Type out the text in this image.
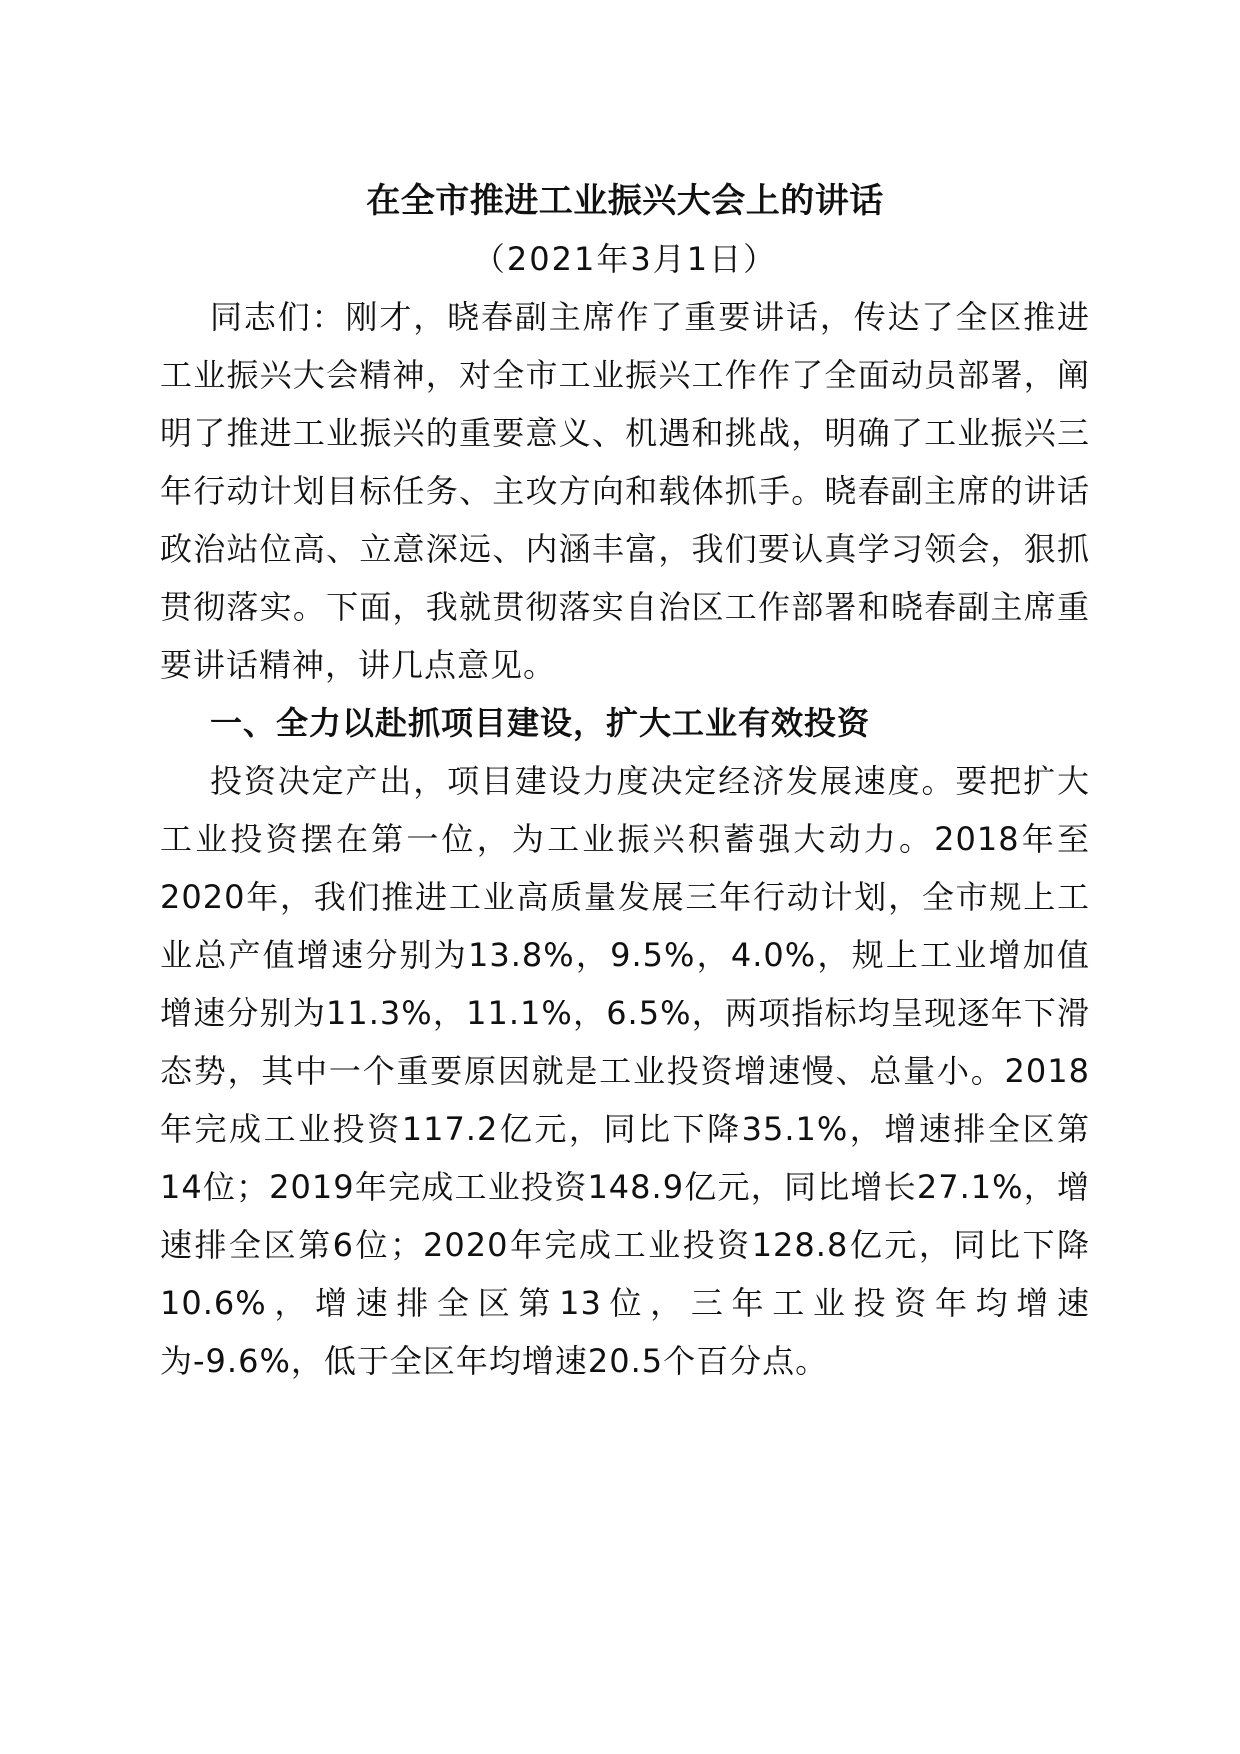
在全市推进工业振兴大会上的讲话

（2021年3月1日）

同志们：刚才，晓春副主席作了重要讲话，传达了全区推进工业振兴大会精神，对全市工业振兴工作作了全面动员部署，阐明了推进工业振兴的重要意义、机遇和挑战，明确了工业振兴三年行动计划目标任务、主攻方向和载体抓手。晓春副主席的讲话政治站位高、立意深远、内涵丰富，我们要认真学习领会，狠抓贯彻落实。下面，我就贯彻落实自治区工作部署和晓春副主席重要讲话精神，讲几点意见。

一、全力以赴抓项目建设，扩大工业有效投资

投资决定产出，项目建设力度决定经济发展速度。要把扩大工业投资摆在第一位，为工业振兴积蓄强大动力。2018年至2020年，我们推进工业高质量发展三年行动计划，全市规上工业总产值增速分别为13.8%，9.5%，4.0%，规上工业增加值增速分别为11.3%，11.1%，6.5%，两项指标均呈现逐年下滑态势，其中一个重要原因就是工业投资增速慢、总量小。2018年完成工业投资117.2亿元，同比下降35.1%，增速排全区第14位；2019年完成工业投资148.9亿元，同比增长27.1%，增速排全区第6位；2020年完成工业投资128.8亿元，同比下降10.6%，增速排全区第13位，三年工业投资年均增速为-9.6%，低于全区年均增速20.5个百分点。
